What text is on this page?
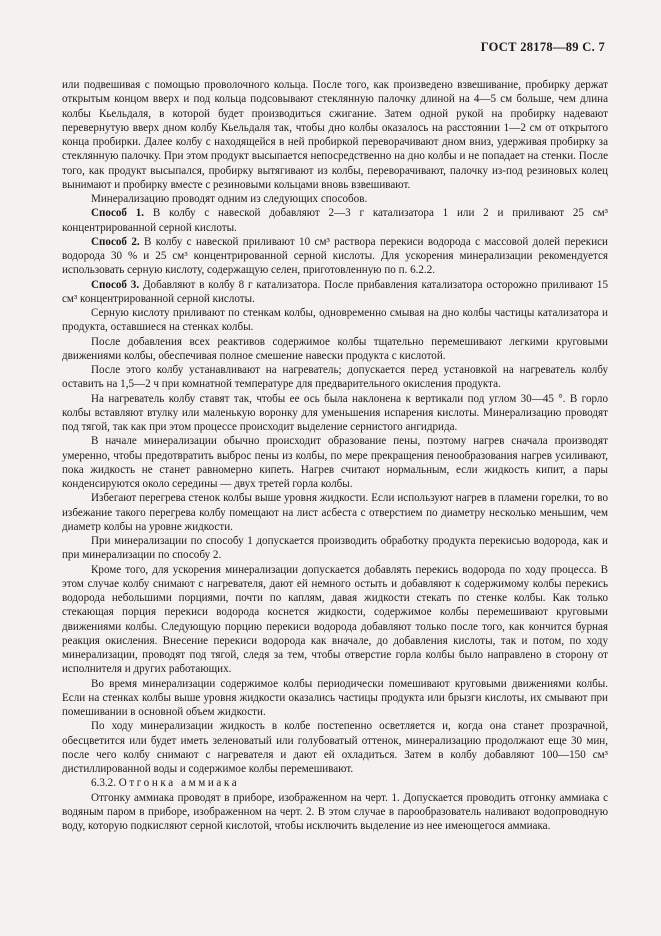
ГОСТ 28178—89 С. 7

или подвешивая с помощью проволочного кольца. После того, как произведено взвешивание, пробирку держат открытым концом вверх и под кольца подсовывают стеклянную палочку длиной на 4—5 см больше, чем длина колбы Кьельдаля, в которой будет производиться сжигание. Затем одной рукой на пробирку надевают перевернутую вверх дном колбу Кьельдаля так, чтобы дно колбы оказалось на расстоянии 1—2 см от открытого конца пробирки. Далее колбу с находящейся в ней пробиркой переворачивают дном вниз, удерживая пробирку за стеклянную палочку. При этом продукт высыпается непосредственно на дно колбы и не попадает на стенки. После того, как продукт высыпался, пробирку вытягивают из колбы, переворачивают, палочку из-под резиновых колец вынимают и пробирку вместе с резиновыми кольцами вновь взвешивают.

Минерализацию проводят одним из следующих способов.

Способ 1. В колбу с навеской добавляют 2—3 г катализатора 1 или 2 и приливают 25 см³ концентрированной серной кислоты.

Способ 2. В колбу с навеской приливают 10 см³ раствора перекиси водорода с массовой долей перекиси водорода 30 % и 25 см³ концентрированной серной кислоты. Для ускорения минерализации рекомендуется использовать серную кислоту, содержащую селен, приготовленную по п. 6.2.2.

Способ 3. Добавляют в колбу 8 г катализатора. После прибавления катализатора осторожно приливают 15 см³ концентрированной серной кислоты.

Серную кислоту приливают по стенкам колбы, одновременно смывая на дно колбы частицы катализатора и продукта, оставшиеся на стенках колбы.

После добавления всех реактивов содержимое колбы тщательно перемешивают легкими круговыми движениями колбы, обеспечивая полное смешение навески продукта с кислотой.

После этого колбу устанавливают на нагреватель; допускается перед установкой на нагреватель колбу оставить на 1,5—2 ч при комнатной температуре для предварительного окисления продукта.

На нагреватель колбу ставят так, чтобы ее ось была наклонена к вертикали под углом 30—45 °. В горло колбы вставляют втулку или маленькую воронку для уменьшения испарения кислоты. Минерализацию проводят под тягой, так как при этом процессе происходит выделение сернистого ангидрида.

В начале минерализации обычно происходит образование пены, поэтому нагрев сначала производят умеренно, чтобы предотвратить выброс пены из колбы, по мере прекращения пенообразования нагрев усиливают, пока жидкость не станет равномерно кипеть. Нагрев считают нормальным, если жидкость кипит, а пары конденсируются около середины — двух третей горла колбы.

Избегают перегрева стенок колбы выше уровня жидкости. Если используют нагрев в пламени горелки, то во избежание такого перегрева колбу помещают на лист асбеста с отверстием по диаметру несколько меньшим, чем диаметр колбы на уровне жидкости.

При минерализации по способу 1 допускается производить обработку продукта перекисью водорода, как и при минерализации по способу 2.

Кроме того, для ускорения минерализации допускается добавлять перекись водорода по ходу процесса. В этом случае колбу снимают с нагревателя, дают ей немного остыть и добавляют к содержимому колбы перекись водорода небольшими порциями, почти по каплям, давая жидкости стекать по стенке колбы. Как только стекающая порция перекиси водорода коснется жидкости, содержимое колбы перемешивают круговыми движениями колбы. Следующую порцию перекиси водорода добавляют только после того, как кончится бурная реакция окисления. Внесение перекиси водорода как вначале, до добавления кислоты, так и потом, по ходу минерализации, проводят под тягой, следя за тем, чтобы отверстие горла колбы было направлено в сторону от исполнителя и других работающих.

Во время минерализации содержимое колбы периодически помешивают круговыми движениями колбы. Если на стенках колбы выше уровня жидкости оказались частицы продукта или брызги кислоты, их смывают при помешивании в основной объем жидкости.

По ходу минерализации жидкость в колбе постепенно осветляется и, когда она станет прозрачной, обесцветится или будет иметь зеленоватый или голубоватый оттенок, минерализацию продолжают еще 30 мин, после чего колбу снимают с нагревателя и дают ей охладиться. Затем в колбу добавляют 100—150 см³ дистиллированной воды и содержимое колбы перемешивают.

6.3.2. Отгонка аммиака

Отгонку аммиака проводят в приборе, изображенном на черт. 1. Допускается проводить отгонку аммиака с водяным паром в приборе, изображенном на черт. 2. В этом случае в парообразователь наливают водопроводную воду, которую подкисляют серной кислотой, чтобы исключить выделение из нее имеющегося аммиака.
